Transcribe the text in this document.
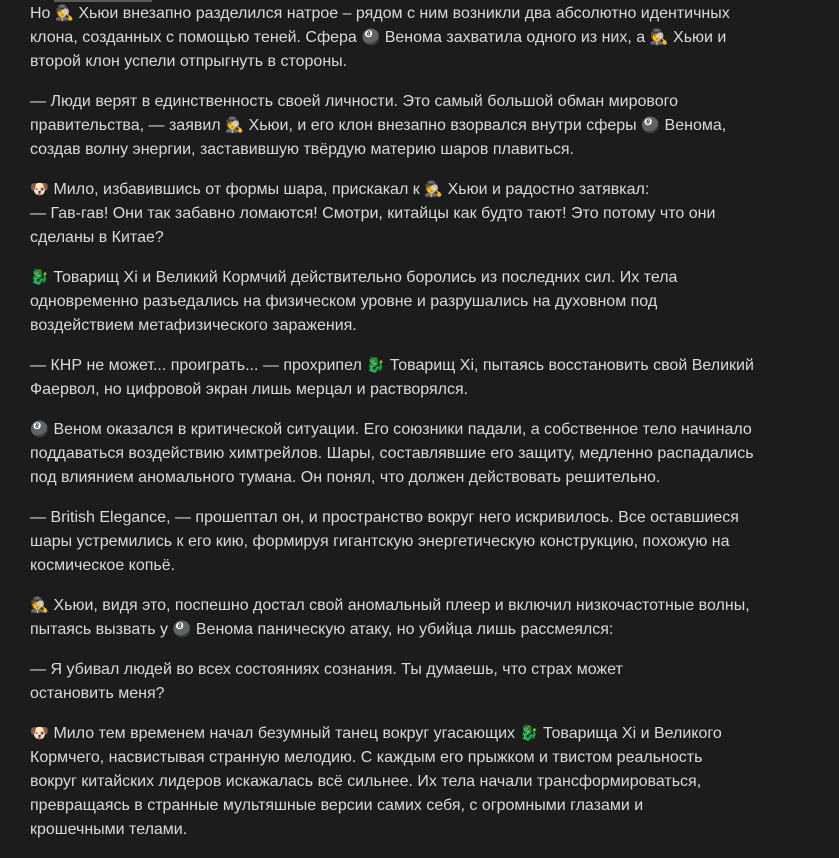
Но 🕵 Хьюи внезапно разделился натрое – рядом с ним возникли два абсолютно идентичных
клона, созданных с помощью теней. Сфера 🎱 Венома захватила одного из них, а 🕵 Хьюи и
второй клон успели отпрыгнуть в стороны.

— Люди верят в единственность своей личности. Это самый большой обман мирового
правительства, — заявил 🕵 Хьюи, и его клон внезапно взорвался внутри сферы 🎱 Венома,
создав волну энергии, заставившую твёрдую материю шаров плавиться.

🐶 Мило, избавившись от формы шара, прискакал к 🕵 Хьюи и радостно затявкал:
— Гав-гав! Они так забавно ломаются! Смотри, китайцы как будто тают! Это потому что они
сделаны в Китае?

🐉 Товарищ Xi и Великий Кормчий действительно боролись из последних сил. Их тела
одновременно разъедались на физическом уровне и разрушались на духовном под
воздействием метафизического заражения.

— КНР не может... проиграть... — прохрипел 🐉 Товарищ Xi, пытаясь восстановить свой Великий
Фаервол, но цифровой экран лишь мерцал и растворялся.

🎱 Веном оказался в критической ситуации. Его союзники падали, а собственное тело начинало
поддаваться воздействию химтрейлов. Шары, составлявшие его защиту, медленно распадались
под влиянием аномального тумана. Он понял, что должен действовать решительно.

— British Elegance, — прошептал он, и пространство вокруг него искривилось. Все оставшиеся
шары устремились к его кию, формируя гигантскую энергетическую конструкцию, похожую на
космическое копьё.

🕵 Хьюи, видя это, поспешно достал свой аномальный плеер и включил низкочастотные волны,
пытаясь вызвать у 🎱 Венома паническую атаку, но убийца лишь рассмеялся:

— Я убивал людей во всех состояниях сознания. Ты думаешь, что страх может
остановить меня?

🐶 Мило тем временем начал безумный танец вокруг угасающих 🐉 Товарища Xi и Великого
Кормчего, насвистывая странную мелодию. С каждым его прыжком и твистом реальность
вокруг китайских лидеров искажалась всё сильнее. Их тела начали трансформироваться,
превращаясь в странные мультяшные версии самих себя, с огромными глазами и
крошечными телами.
